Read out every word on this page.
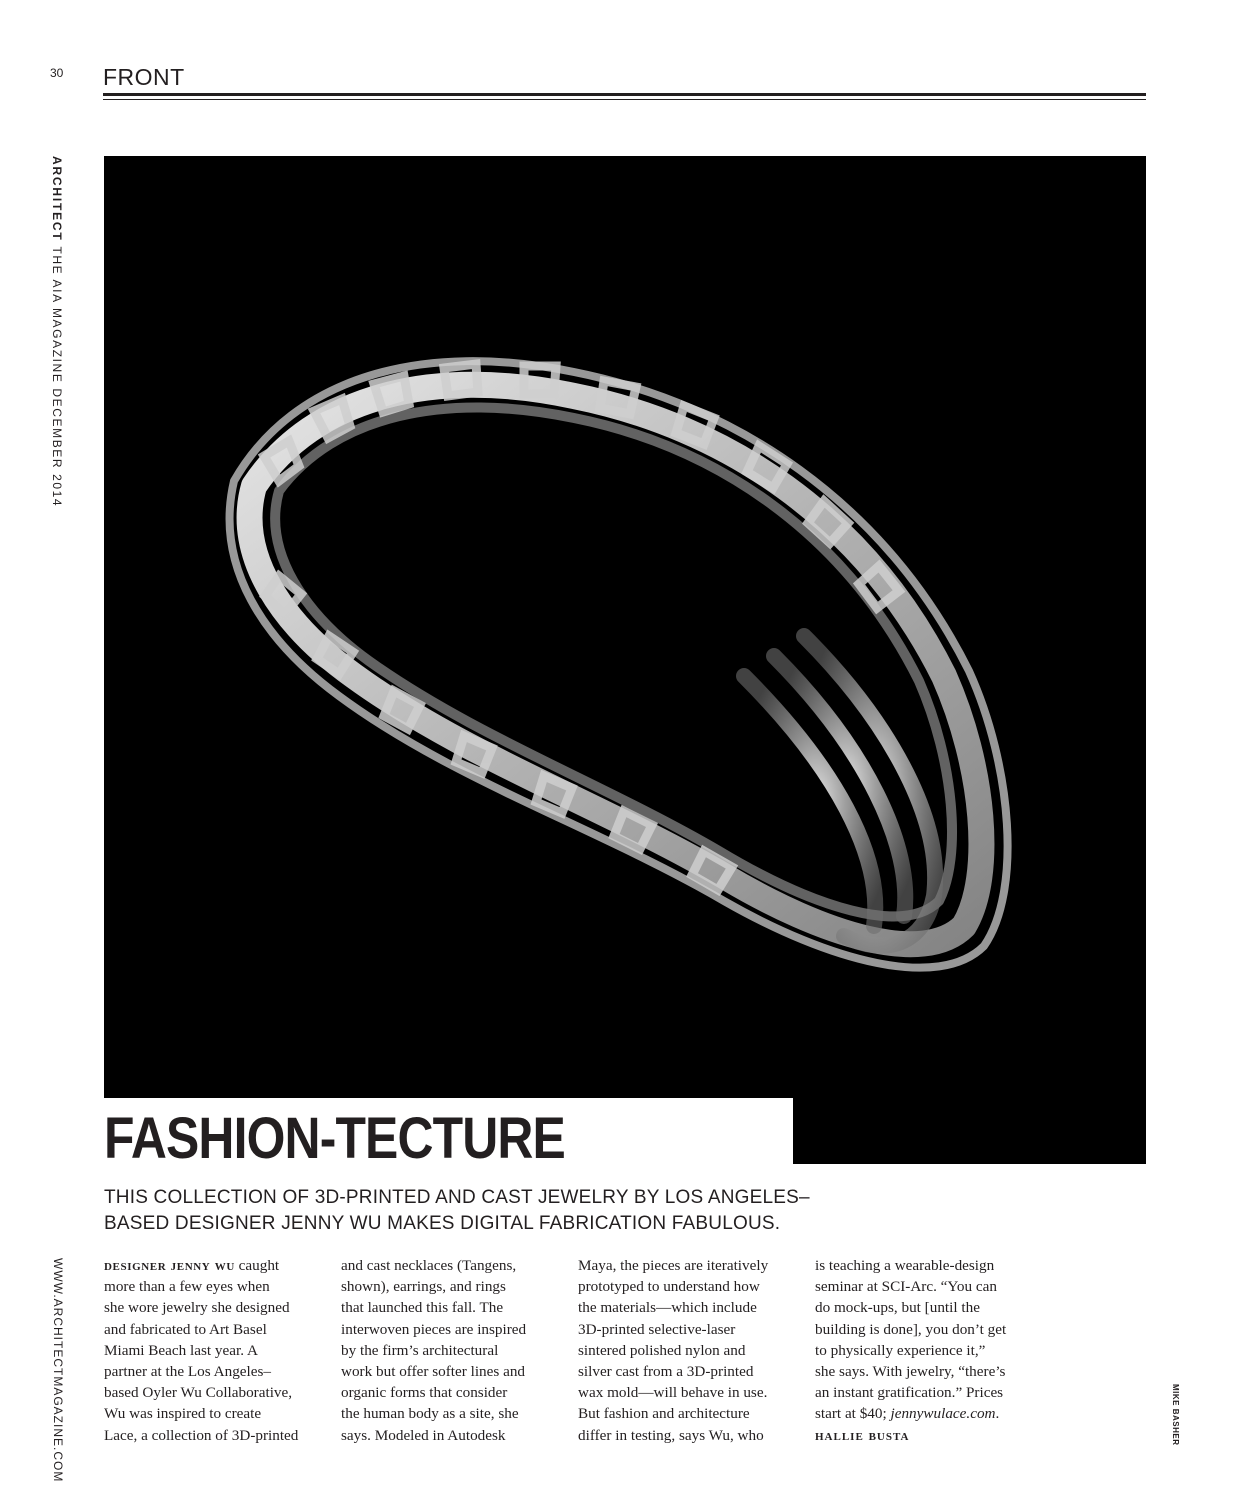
30 FRONT
ARCHITECT THE AIA MAGAZINE DECEMBER 2014
WWW.ARCHITECTMAGAZINE.COM	MIKE BASHER
FASHION-TECTURE
THIS COLLECTION OF 3D-PRINTED AND CAST JEWELRY BY LOS ANGELES–
BASED DESIGNER JENNY WU MAKES DIGITAL FABRICATION FABULOUS.
designer jenny wu caught
more than a few eyes when
she wore jewelry she designed
and fabricated to Art Basel
Miami Beach last year. A
partner at the Los Angeles–
based Oyler Wu Collaborative,
Wu was inspired to create
Lace, a collection of 3D-printed
and cast necklaces (Tangens,
shown), earrings, and rings
that launched this fall. The
interwoven pieces are inspired
by the firm’s architectural
work but offer softer lines and
organic forms that consider
the human body as a site, she
says. Modeled in Autodesk
Maya, the pieces are iteratively
prototyped to understand how
the materials—which include
3D-printed selective-laser
sintered polished nylon and
silver cast from a 3D-printed
wax mold—will behave in use.
But fashion and architecture
differ in testing, says Wu, who
is teaching a wearable-design
seminar at SCI-Arc. “You can
do mock-ups, but [until the
building is done], you don’t get
to physically experience it,”
she says. With jewelry, “there’s
an instant gratification.” Prices
start at $40; jennywulace.com.
hallie busta
